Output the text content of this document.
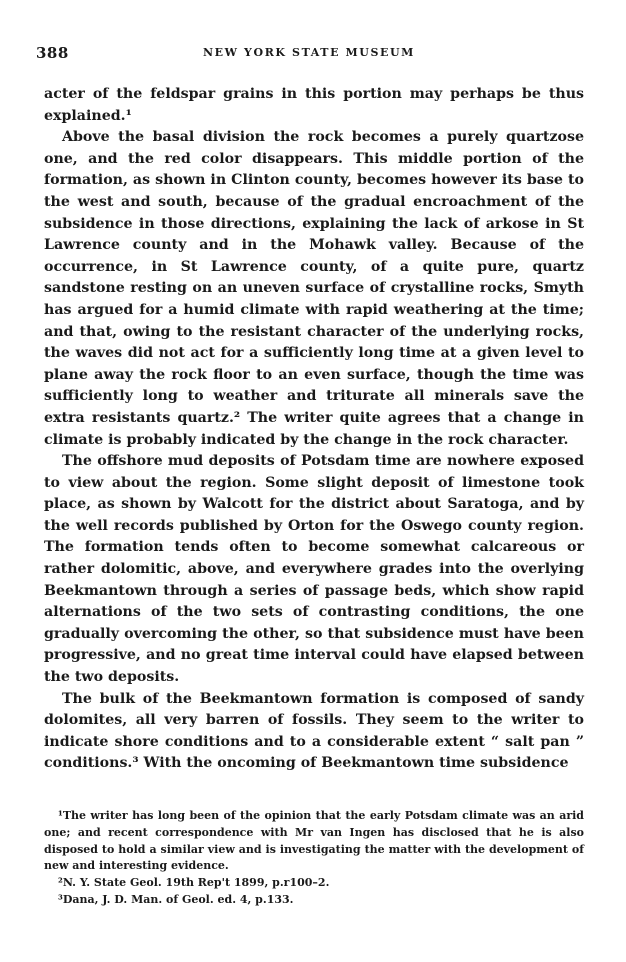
388	NEW YORK STATE MUSEUM

acter of the feldspar grains in this portion may perhaps be thus explained.¹

Above the basal division the rock becomes a purely quartzose one, and the red color disappears. This middle portion of the formation, as shown in Clinton county, becomes however its base to the west and south, because of the gradual encroachment of the subsidence in those directions, explaining the lack of arkose in St Lawrence county and in the Mohawk valley. Because of the occurrence, in St Lawrence county, of a quite pure, quartz sandstone resting on an uneven surface of crystalline rocks, Smyth has argued for a humid climate with rapid weathering at the time; and that, owing to the resistant character of the underlying rocks, the waves did not act for a sufficiently long time at a given level to plane away the rock floor to an even surface, though the time was sufficiently long to weather and triturate all minerals save the extra resistants quartz.² The writer quite agrees that a change in climate is probably indicated by the change in the rock character.

The offshore mud deposits of Potsdam time are nowhere exposed to view about the region. Some slight deposit of limestone took place, as shown by Walcott for the district about Saratoga, and by the well records published by Orton for the Oswego county region. The formation tends often to become somewhat calcareous or rather dolomitic, above, and everywhere grades into the overlying Beekmantown through a series of passage beds, which show rapid alternations of the two sets of contrasting conditions, the one gradually overcoming the other, so that subsidence must have been progressive, and no great time interval could have elapsed between the two deposits.

The bulk of the Beekmantown formation is composed of sandy dolomites, all very barren of fossils. They seem to the writer to indicate shore conditions and to a considerable extent “ salt pan ” conditions.³ With the oncoming of Beekmantown time subsidence

¹The writer has long been of the opinion that the early Potsdam climate was an arid one; and recent correspondence with Mr van Ingen has disclosed that he is also disposed to hold a similar view and is investigating the matter with the development of new and interesting evidence.

²N. Y. State Geol. 19th Rep't 1899, p.r100–2.

³Dana, J. D. Man. of Geol. ed. 4, p.133.
